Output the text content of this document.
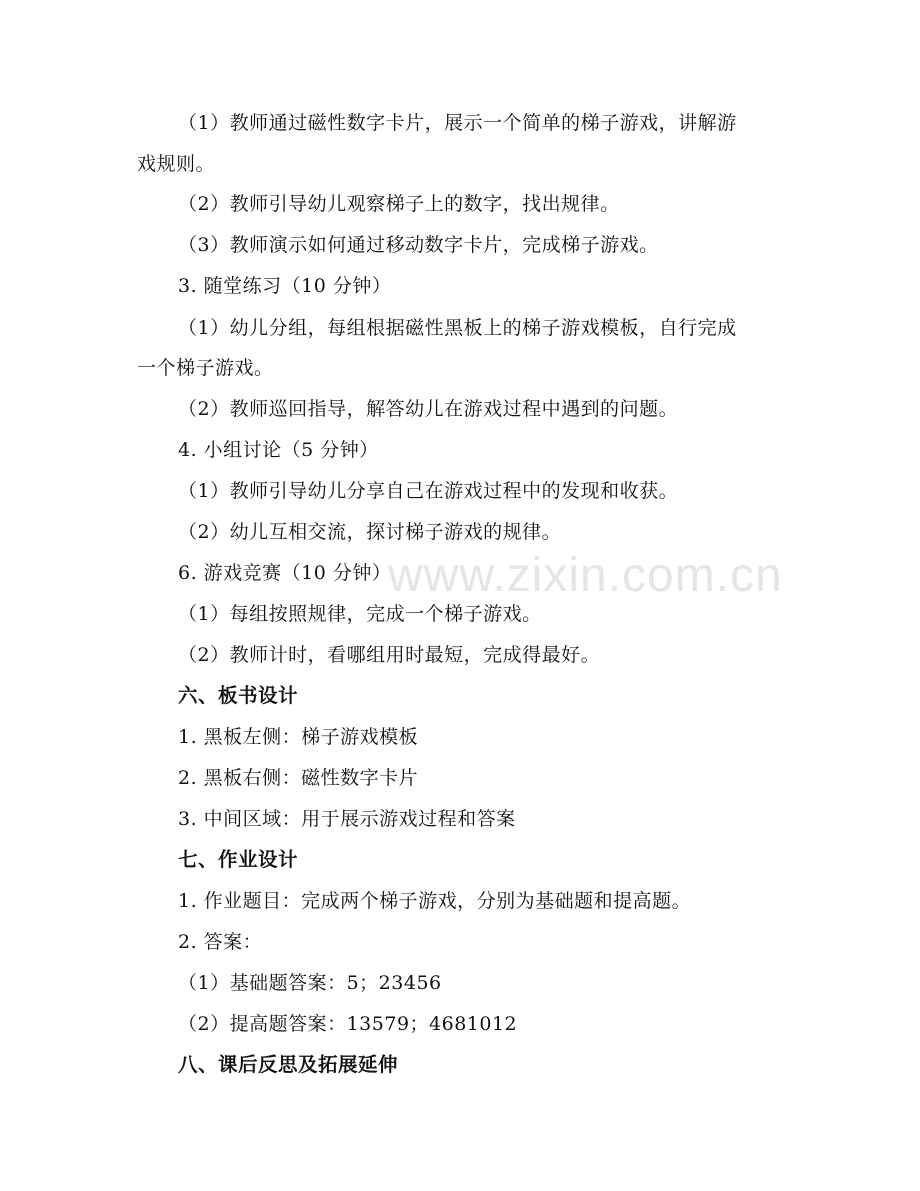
（1）教师通过磁性数字卡片，展示一个简单的梯子游戏，讲解游
戏规则。
（2）教师引导幼儿观察梯子上的数字，找出规律。
（3）教师演示如何通过移动数字卡片，完成梯子游戏。
3. 随堂练习（10 分钟）
（1）幼儿分组，每组根据磁性黑板上的梯子游戏模板，自行完成
一个梯子游戏。
（2）教师巡回指导，解答幼儿在游戏过程中遇到的问题。
4. 小组讨论（5 分钟）
（1）教师引导幼儿分享自己在游戏过程中的发现和收获。
（2）幼儿互相交流，探讨梯子游戏的规律。
6. 游戏竞赛（10 分钟）
（1）每组按照规律，完成一个梯子游戏。
（2）教师计时，看哪组用时最短，完成得最好。
六、板书设计
1. 黑板左侧：梯子游戏模板
2. 黑板右侧：磁性数字卡片
3. 中间区域：用于展示游戏过程和答案
七、作业设计
1. 作业题目：完成两个梯子游戏，分别为基础题和提高题。
2. 答案：
（1）基础题答案：5；23456
（2）提高题答案：13579；4681012
八、课后反思及拓展延伸
www.zixin.com.cn
